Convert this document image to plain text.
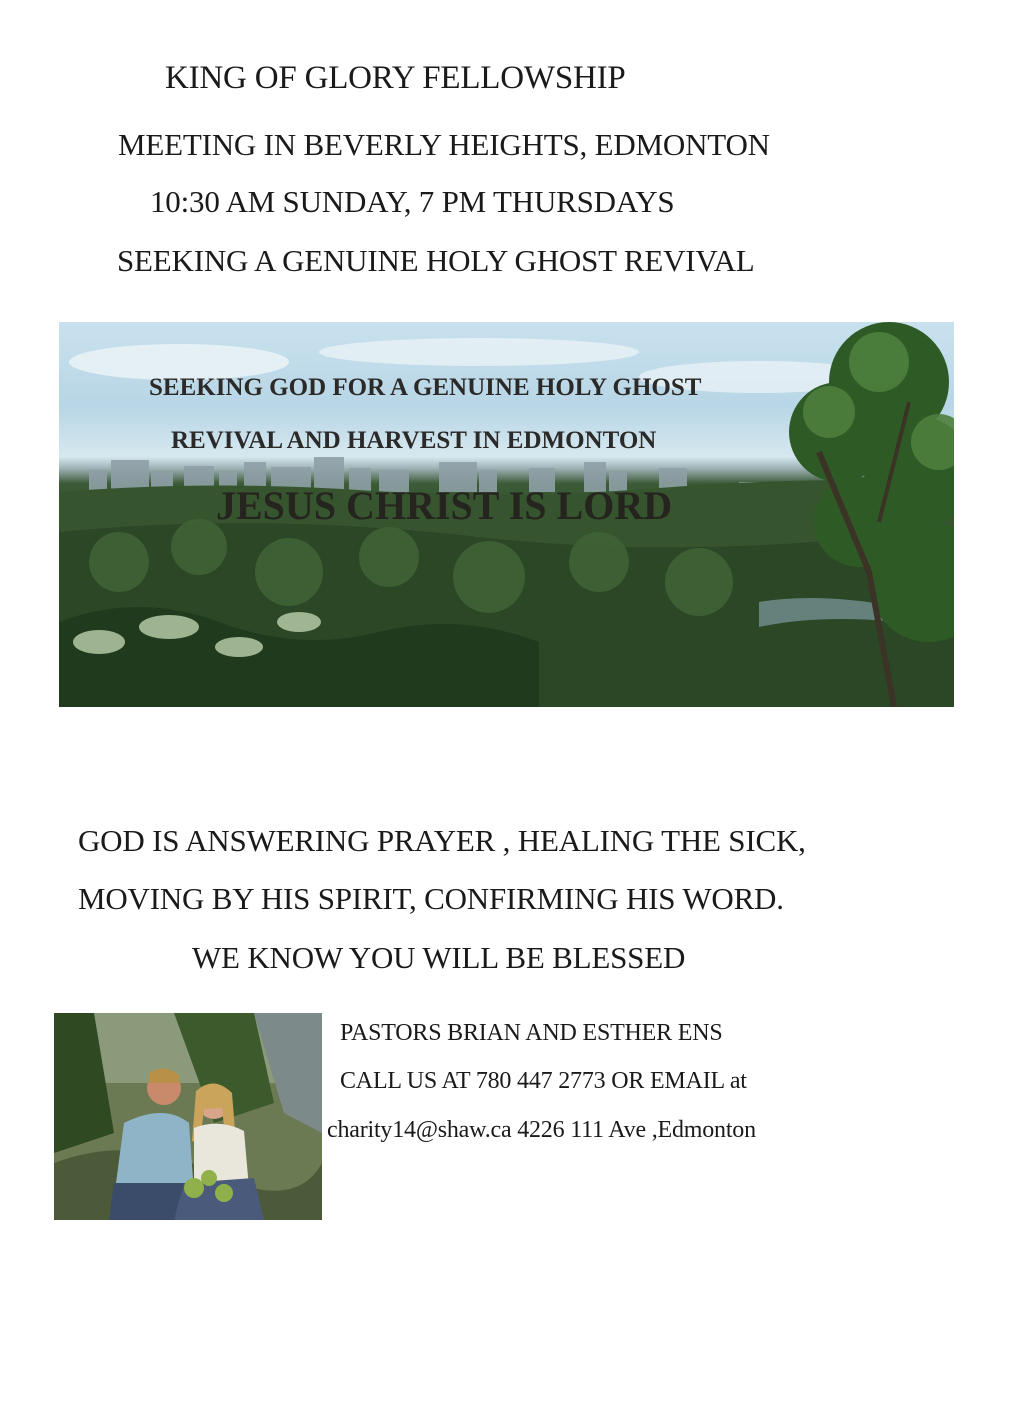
KING OF GLORY FELLOWSHIP
MEETING IN BEVERLY HEIGHTS, EDMONTON
10:30 AM SUNDAY, 7 PM THURSDAYS
SEEKING A GENUINE HOLY GHOST REVIVAL
SEEKING GOD FOR A GENUINE HOLY GHOST
REVIVAL AND HARVEST IN EDMONTON
JESUS CHRIST IS LORD
GOD IS ANSWERING PRAYER , HEALING THE SICK,
MOVING BY HIS SPIRIT, CONFIRMING HIS WORD.
WE KNOW YOU WILL BE BLESSED
PASTORS BRIAN AND ESTHER ENS
CALL US AT 780 447 2773 OR EMAIL at
charity14@shaw.ca 4226 111 Ave ,Edmonton
